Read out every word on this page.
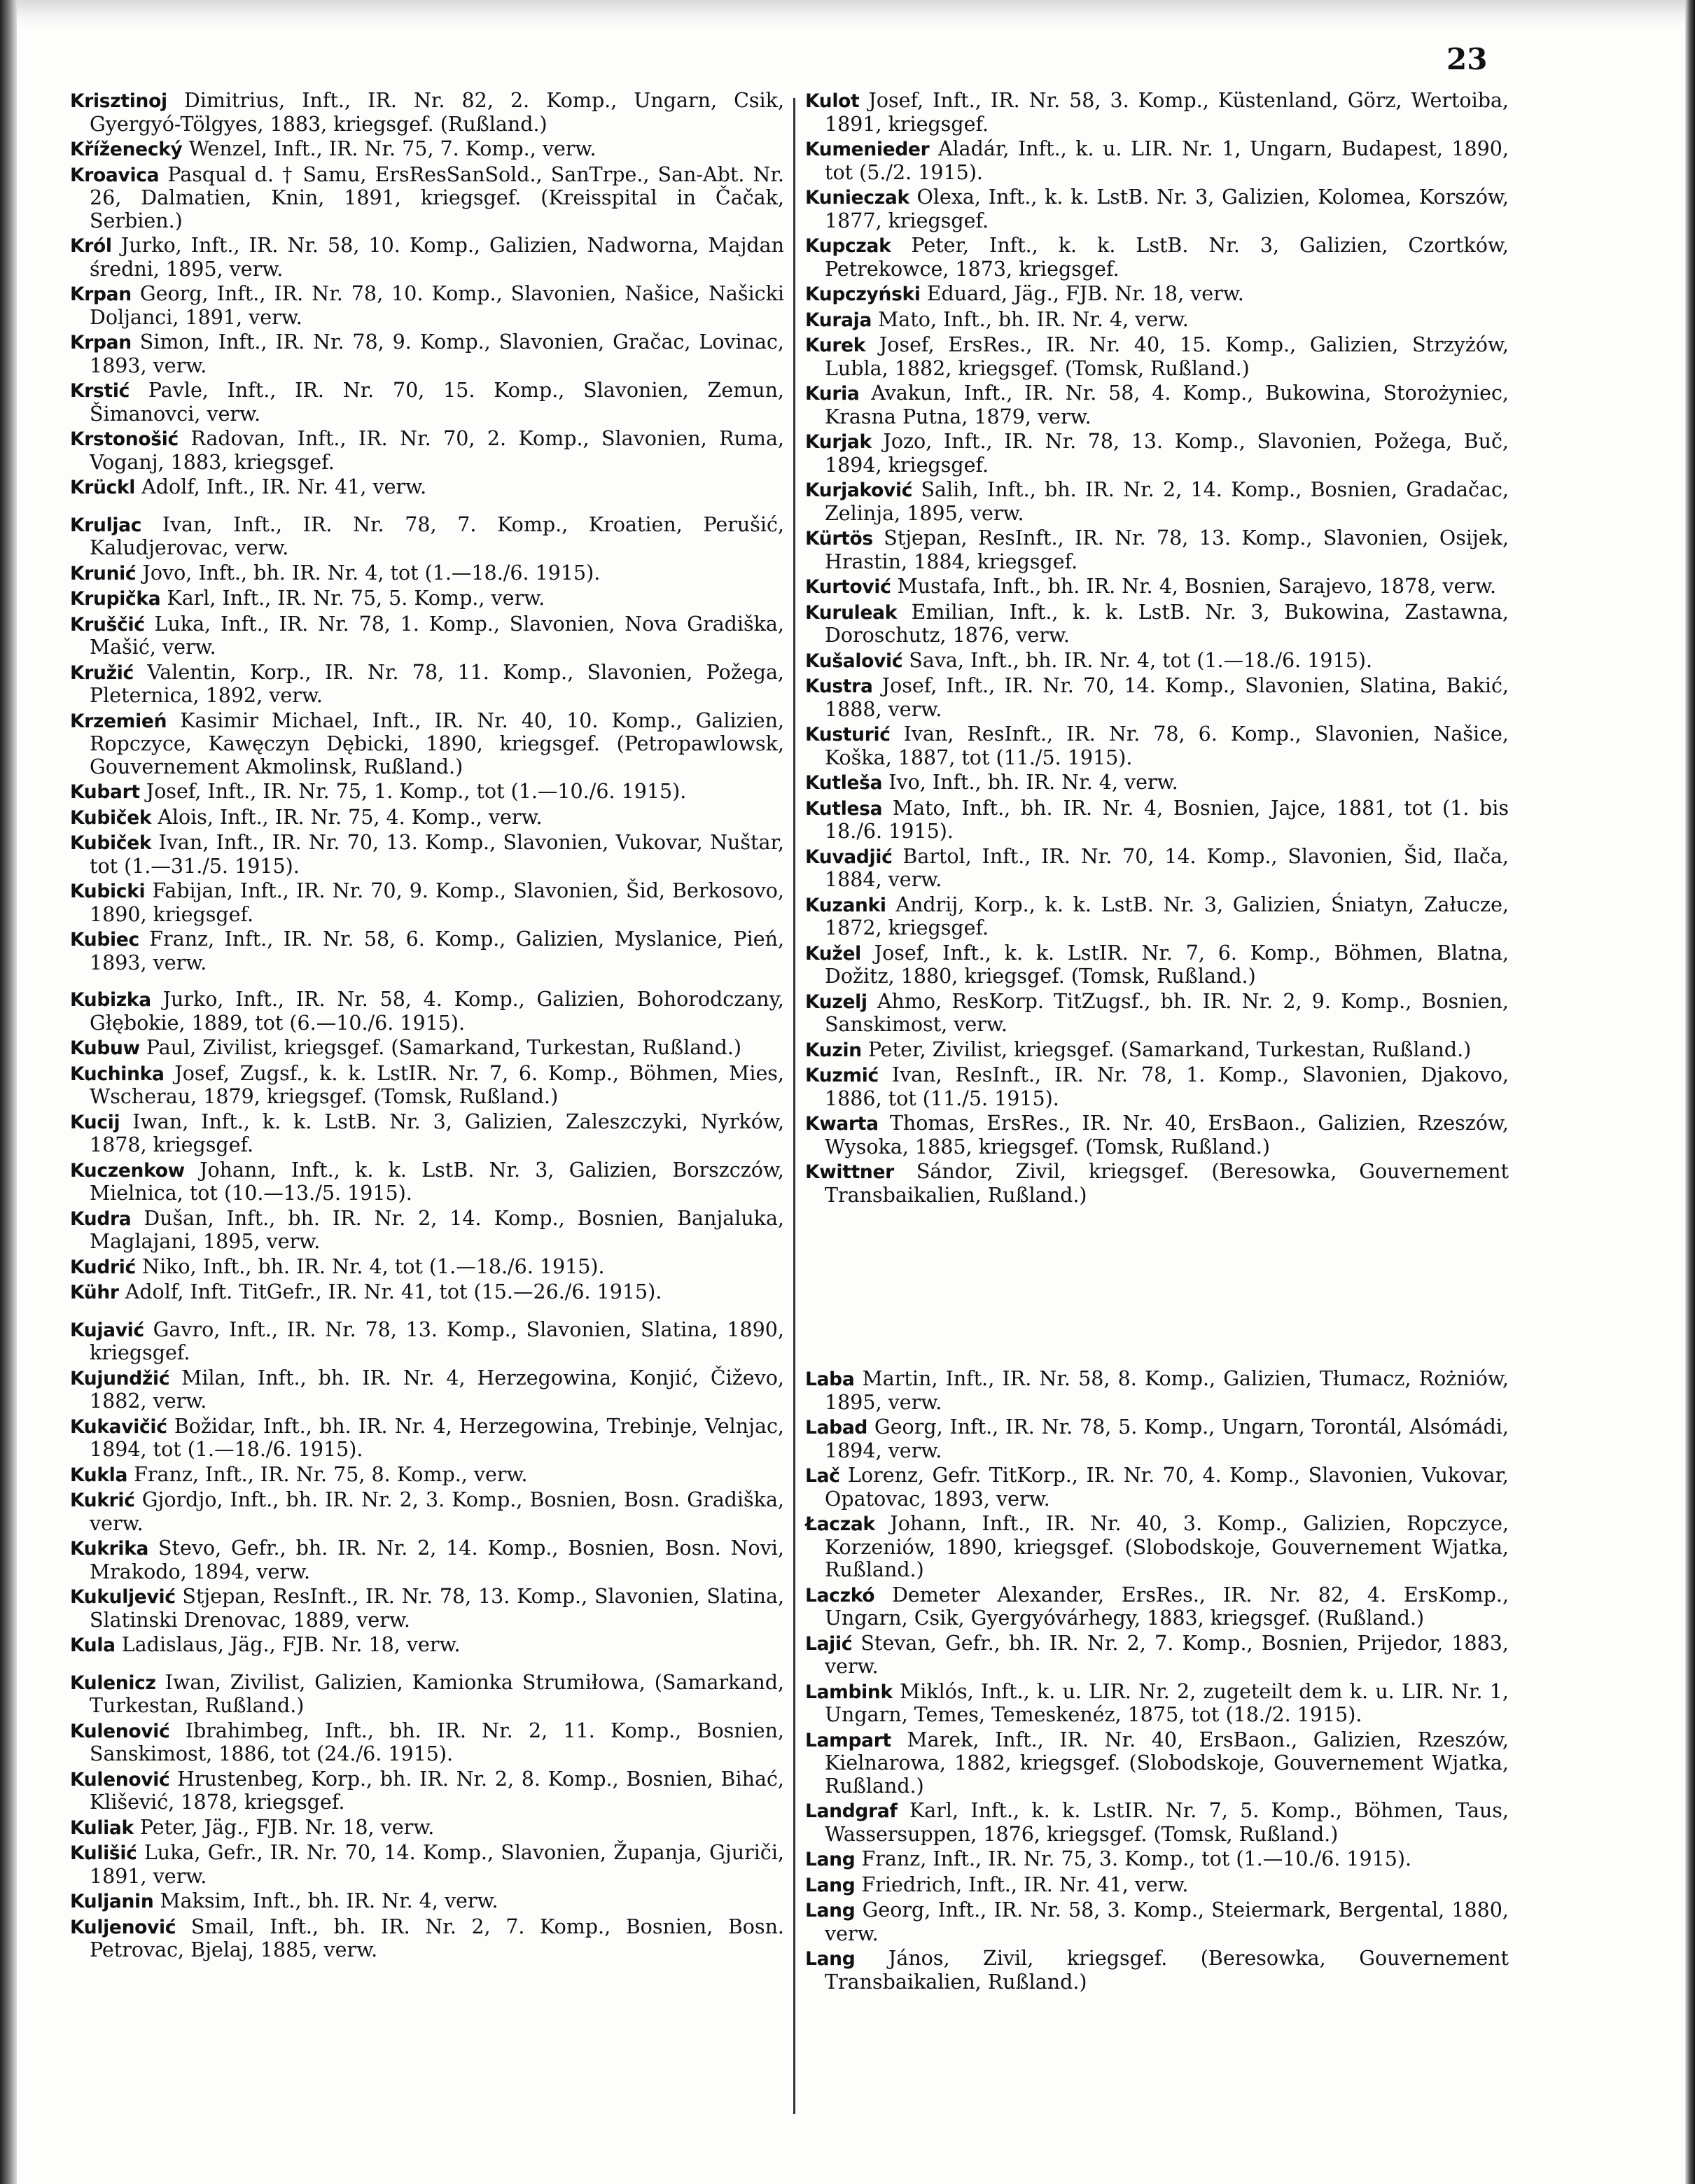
23

Krisztinoj Dimitrius, Inft., IR. Nr. 82, 2. Komp., Ungarn, Csik, Gyergyó-Tölgyes, 1883, kriegsgef. (Rußland.)

Kříženecký Wenzel, Inft., IR. Nr. 75, 7. Komp., verw.

Kroavica Pasqual d. † Samu, ErsResSanSold., SanTrpe., San-Abt. Nr. 26, Dalmatien, Knin, 1891, kriegsgef. (Kreisspital in Čačak, Serbien.)

Król Jurko, Inft., IR. Nr. 58, 10. Komp., Galizien, Nadworna, Majdan średni, 1895, verw.

Krpan Georg, Inft., IR. Nr. 78, 10. Komp., Slavonien, Našice, Našicki Doljanci, 1891, verw.

Krpan Simon, Inft., IR. Nr. 78, 9. Komp., Slavonien, Gračac, Lovinac, 1893, verw.

Krstić Pavle, Inft., IR. Nr. 70, 15. Komp., Slavonien, Zemun, Šimanovci, verw.

Krstonošić Radovan, Inft., IR. Nr. 70, 2. Komp., Slavonien, Ruma, Voganj, 1883, kriegsgef.

Krückl Adolf, Inft., IR. Nr. 41, verw.

Kruljac Ivan, Inft., IR. Nr. 78, 7. Komp., Kroatien, Perušić, Kaludjerovac, verw.

Krunić Jovo, Inft., bh. IR. Nr. 4, tot (1.—18./6. 1915).

Krupička Karl, Inft., IR. Nr. 75, 5. Komp., verw.

Kruščić Luka, Inft., IR. Nr. 78, 1. Komp., Slavonien, Nova Gradiška, Mašić, verw.

Kružić Valentin, Korp., IR. Nr. 78, 11. Komp., Slavonien, Požega, Pleternica, 1892, verw.

Krzemień Kasimir Michael, Inft., IR. Nr. 40, 10. Komp., Galizien, Ropczyce, Kawęczyn Dębicki, 1890, kriegsgef. (Petropawlowsk, Gouvernement Akmolinsk, Rußland.)

Kubart Josef, Inft., IR. Nr. 75, 1. Komp., tot (1.—10./6. 1915).

Kubiček Alois, Inft., IR. Nr. 75, 4. Komp., verw.

Kubiček Ivan, Inft., IR. Nr. 70, 13. Komp., Slavonien, Vukovar, Nuštar, tot (1.—31./5. 1915).

Kubicki Fabijan, Inft., IR. Nr. 70, 9. Komp., Slavonien, Šid, Berkosovo, 1890, kriegsgef.

Kubiec Franz, Inft., IR. Nr. 58, 6. Komp., Galizien, Myslanice, Pień, 1893, verw.

Kubizka Jurko, Inft., IR. Nr. 58, 4. Komp., Galizien, Bohorodczany, Głębokie, 1889, tot (6.—10./6. 1915).

Kubuw Paul, Zivilist, kriegsgef. (Samarkand, Turkestan, Rußland.)

Kuchinka Josef, Zugsf., k. k. LstIR. Nr. 7, 6. Komp., Böhmen, Mies, Wscherau, 1879, kriegsgef. (Tomsk, Rußland.)

Kucij Iwan, Inft., k. k. LstB. Nr. 3, Galizien, Zaleszczyki, Nyrków, 1878, kriegsgef.

Kuczenkow Johann, Inft., k. k. LstB. Nr. 3, Galizien, Borszczów, Mielnica, tot (10.—13./5. 1915).

Kudra Dušan, Inft., bh. IR. Nr. 2, 14. Komp., Bosnien, Banjaluka, Maglajani, 1895, verw.

Kudrić Niko, Inft., bh. IR. Nr. 4, tot (1.—18./6. 1915).

Kühr Adolf, Inft. TitGefr., IR. Nr. 41, tot (15.—26./6. 1915).

Kujavić Gavro, Inft., IR. Nr. 78, 13. Komp., Slavonien, Slatina, 1890, kriegsgef.

Kujundžić Milan, Inft., bh. IR. Nr. 4, Herzegowina, Konjić, Čiževo, 1882, verw.

Kukavičić Božidar, Inft., bh. IR. Nr. 4, Herzegowina, Trebinje, Velnjac, 1894, tot (1.—18./6. 1915).

Kukla Franz, Inft., IR. Nr. 75, 8. Komp., verw.

Kukrić Gjordjo, Inft., bh. IR. Nr. 2, 3. Komp., Bosnien, Bosn. Gradiška, verw.

Kukrika Stevo, Gefr., bh. IR. Nr. 2, 14. Komp., Bosnien, Bosn. Novi, Mrakodo, 1894, verw.

Kukuljević Stjepan, ResInft., IR. Nr. 78, 13. Komp., Slavonien, Slatina, Slatinski Drenovac, 1889, verw.

Kula Ladislaus, Jäg., FJB. Nr. 18, verw.

Kulenicz Iwan, Zivilist, Galizien, Kamionka Strumiłowa, (Samarkand, Turkestan, Rußland.)

Kulenović Ibrahimbeg, Inft., bh. IR. Nr. 2, 11. Komp., Bosnien, Sanskimost, 1886, tot (24./6. 1915).

Kulenović Hrustenbeg, Korp., bh. IR. Nr. 2, 8. Komp., Bosnien, Bihać, Klišević, 1878, kriegsgef.

Kuliak Peter, Jäg., FJB. Nr. 18, verw.

Kulišić Luka, Gefr., IR. Nr. 70, 14. Komp., Slavonien, Županja, Gjuriči, 1891, verw.

Kuljanin Maksim, Inft., bh. IR. Nr. 4, verw.

Kuljenović Smail, Inft., bh. IR. Nr. 2, 7. Komp., Bosnien, Bosn. Petrovac, Bjelaj, 1885, verw.

Kulot Josef, Inft., IR. Nr. 58, 3. Komp., Küstenland, Görz, Wertoiba, 1891, kriegsgef.

Kumenieder Aladár, Inft., k. u. LIR. Nr. 1, Ungarn, Budapest, 1890, tot (5./2. 1915).

Kunieczak Olexa, Inft., k. k. LstB. Nr. 3, Galizien, Kolomea, Korszów, 1877, kriegsgef.

Kupczak Peter, Inft., k. k. LstB. Nr. 3, Galizien, Czortków, Petrekowce, 1873, kriegsgef.

Kupczyński Eduard, Jäg., FJB. Nr. 18, verw.

Kuraja Mato, Inft., bh. IR. Nr. 4, verw.

Kurek Josef, ErsRes., IR. Nr. 40, 15. Komp., Galizien, Strzyżów, Lubla, 1882, kriegsgef. (Tomsk, Rußland.)

Kuria Avakun, Inft., IR. Nr. 58, 4. Komp., Bukowina, Storożyniec, Krasna Putna, 1879, verw.

Kurjak Jozo, Inft., IR. Nr. 78, 13. Komp., Slavonien, Požega, Buč, 1894, kriegsgef.

Kurjaković Salih, Inft., bh. IR. Nr. 2, 14. Komp., Bosnien, Gradačac, Zelinja, 1895, verw.

Kürtös Stjepan, ResInft., IR. Nr. 78, 13. Komp., Slavonien, Osijek, Hrastin, 1884, kriegsgef.

Kurtović Mustafa, Inft., bh. IR. Nr. 4, Bosnien, Sarajevo, 1878, verw.

Kuruleak Emilian, Inft., k. k. LstB. Nr. 3, Bukowina, Zastawna, Doroschutz, 1876, verw.

Kušalović Sava, Inft., bh. IR. Nr. 4, tot (1.—18./6. 1915).

Kustra Josef, Inft., IR. Nr. 70, 14. Komp., Slavonien, Slatina, Bakić, 1888, verw.

Kusturić Ivan, ResInft., IR. Nr. 78, 6. Komp., Slavonien, Našice, Koška, 1887, tot (11./5. 1915).

Kutleša Ivo, Inft., bh. IR. Nr. 4, verw.

Kutlesa Mato, Inft., bh. IR. Nr. 4, Bosnien, Jajce, 1881, tot (1. bis 18./6. 1915).

Kuvadjić Bartol, Inft., IR. Nr. 70, 14. Komp., Slavonien, Šid, Ilača, 1884, verw.

Kuzanki Andrij, Korp., k. k. LstB. Nr. 3, Galizien, Śniatyn, Załucze, 1872, kriegsgef.

Kužel Josef, Inft., k. k. LstIR. Nr. 7, 6. Komp., Böhmen, Blatna, Dožitz, 1880, kriegsgef. (Tomsk, Rußland.)

Kuzelj Ahmo, ResKorp. TitZugsf., bh. IR. Nr. 2, 9. Komp., Bosnien, Sanskimost, verw.

Kuzin Peter, Zivilist, kriegsgef. (Samarkand, Turkestan, Rußland.)

Kuzmić Ivan, ResInft., IR. Nr. 78, 1. Komp., Slavonien, Djakovo, 1886, tot (11./5. 1915).

Kwarta Thomas, ErsRes., IR. Nr. 40, ErsBaon., Galizien, Rzeszów, Wysoka, 1885, kriegsgef. (Tomsk, Rußland.)

Kwittner Sándor, Zivil, kriegsgef. (Beresowka, Gouvernement Transbaikalien, Rußland.)

Laba Martin, Inft., IR. Nr. 58, 8. Komp., Galizien, Tłumacz, Rożniów, 1895, verw.

Labad Georg, Inft., IR. Nr. 78, 5. Komp., Ungarn, Torontál, Alsómádi, 1894, verw.

Lač Lorenz, Gefr. TitKorp., IR. Nr. 70, 4. Komp., Slavonien, Vukovar, Opatovac, 1893, verw.

Łaczak Johann, Inft., IR. Nr. 40, 3. Komp., Galizien, Ropczyce, Korzeniów, 1890, kriegsgef. (Slobodskoje, Gouvernement Wjatka, Rußland.)

Laczkó Demeter Alexander, ErsRes., IR. Nr. 82, 4. ErsKomp., Ungarn, Csik, Gyergyóvárhegy, 1883, kriegsgef. (Rußland.)

Lajić Stevan, Gefr., bh. IR. Nr. 2, 7. Komp., Bosnien, Prijedor, 1883, verw.

Lambink Miklós, Inft., k. u. LIR. Nr. 2, zugeteilt dem k. u. LIR. Nr. 1, Ungarn, Temes, Temeskenéz, 1875, tot (18./2. 1915).

Lampart Marek, Inft., IR. Nr. 40, ErsBaon., Galizien, Rzeszów, Kielnarowa, 1882, kriegsgef. (Slobodskoje, Gouvernement Wjatka, Rußland.)

Landgraf Karl, Inft., k. k. LstIR. Nr. 7, 5. Komp., Böhmen, Taus, Wassersuppen, 1876, kriegsgef. (Tomsk, Rußland.)

Lang Franz, Inft., IR. Nr. 75, 3. Komp., tot (1.—10./6. 1915).

Lang Friedrich, Inft., IR. Nr. 41, verw.

Lang Georg, Inft., IR. Nr. 58, 3. Komp., Steiermark, Bergental, 1880, verw.

Lang János, Zivil, kriegsgef. (Beresowka, Gouvernement Transbaikalien, Rußland.)
